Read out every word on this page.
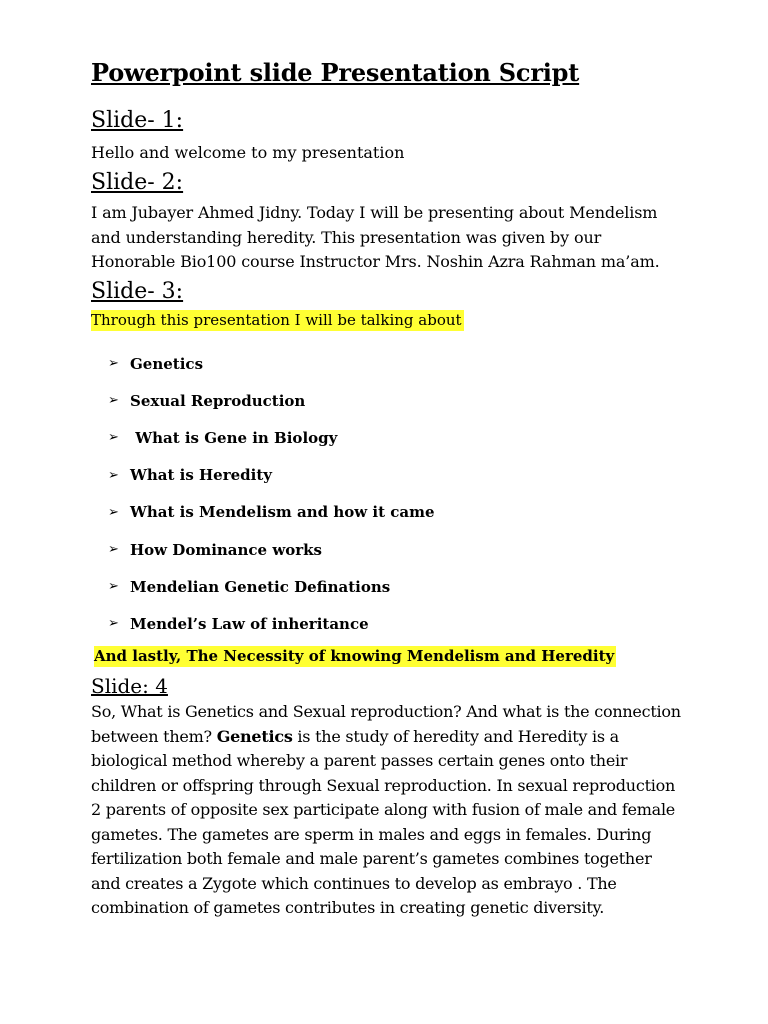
Powerpoint slide Presentation Script
Slide- 1:
Hello and welcome to my presentation
Slide- 2:
I am Jubayer Ahmed Jidny. Today I will be presenting about Mendelism and understanding heredity. This presentation was given by our Honorable Bio100 course Instructor Mrs. Noshin Azra Rahman ma’am.
Slide- 3:
Through this presentation I will be talking about
➢ Genetics
➢ Sexual Reproduction
➢ What is Gene in Biology
➢ What is Heredity
➢ What is Mendelism and how it came
➢ How Dominance works
➢ Mendelian Genetic Definations
➢ Mendel’s Law of inheritance
And lastly, The Necessity of knowing Mendelism and Heredity
Slide: 4
So, What is Genetics and Sexual reproduction? And what is the connection between them? Genetics is the study of heredity and Heredity is a biological method whereby a parent passes certain genes onto their children or offspring through Sexual reproduction. In sexual reproduction 2 parents of opposite sex participate along with fusion of male and female gametes. The gametes are sperm in males and eggs in females. During fertilization both female and male parent’s gametes combines together and creates a Zygote which continues to develop as embrayo . The combination of gametes contributes in creating genetic diversity.
